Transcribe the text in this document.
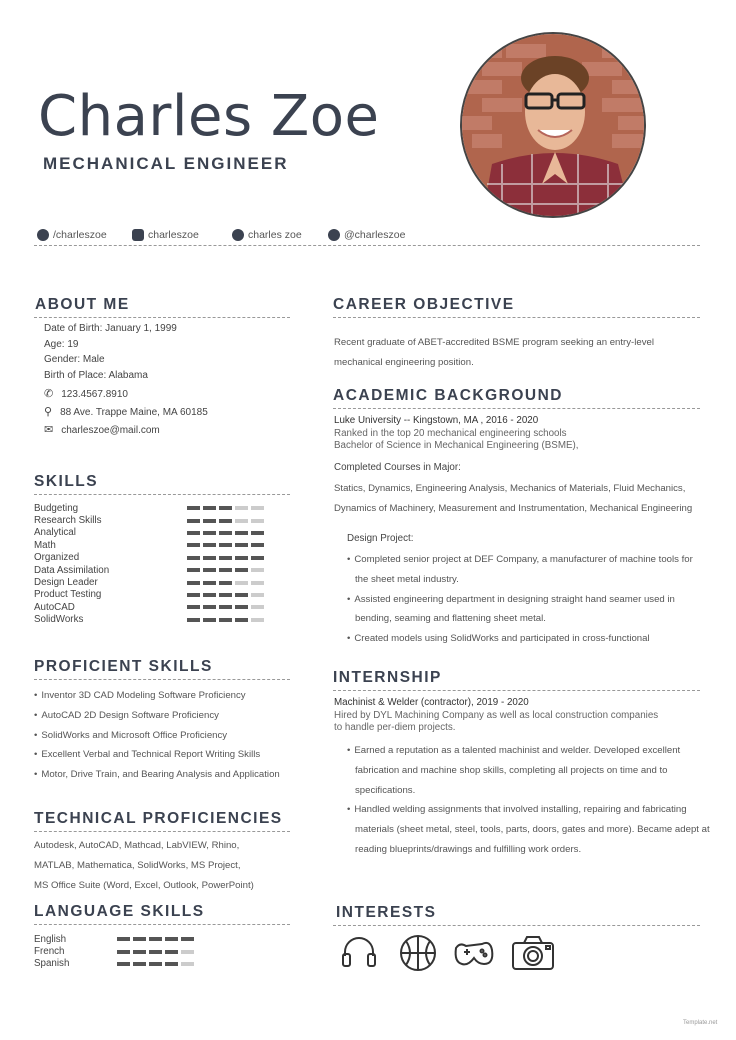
Charles Zoe
MECHANICAL ENGINEER
/charleszoe	charleszoe	charles zoe	@charleszoe
ABOUT ME
Date of Birth: January 1, 1999
Age: 19
Gender: Male
Birth of Place: Alabama
✆ 123.4567.8910
⚲ 88 Ave. Trappe Maine, MA 60185
✉ charleszoe@mail.com
SKILLS
Budgeting
Research Skills
Analytical
Math
Organized
Data Assimilation
Design Leader
Product Testing
AutoCAD
SolidWorks
PROFICIENT SKILLS
• Inventor 3D CAD Modeling Software Proficiency
• AutoCAD 2D Design Software Proficiency
• SolidWorks and Microsoft Office Proficiency
• Excellent Verbal and Technical Report Writing Skills
• Motor, Drive Train, and Bearing Analysis and Application
TECHNICAL PROFICIENCIES
Autodesk, AutoCAD, Mathcad, LabVIEW, Rhino,
MATLAB, Mathematica, SolidWorks, MS Project,
MS Office Suite (Word, Excel, Outlook, PowerPoint)
LANGUAGE SKILLS
English
French
Spanish
CAREER OBJECTIVE
Recent graduate of ABET-accredited BSME program seeking an entry-level
mechanical engineering position.
ACADEMIC BACKGROUND
Luke University -- Kingstown, MA , 2016 - 2020
Ranked in the top 20 mechanical engineering schools
Bachelor of Science in Mechanical Engineering (BSME),
Completed Courses in Major:
Statics, Dynamics, Engineering Analysis, Mechanics of Materials, Fluid Mechanics,
Dynamics of Machinery, Measurement and Instrumentation, Mechanical Engineering
Design Project:
• Completed senior project at DEF Company, a manufacturer of machine tools for
the sheet metal industry.
• Assisted engineering department in designing straight hand seamer used in
bending, seaming and flattening sheet metal.
• Created models using SolidWorks and participated in cross-functional
INTERNSHIP
Machinist & Welder (contractor), 2019 - 2020
Hired by DYL Machining Company as well as local construction companies
to handle per-diem projects.
• Earned a reputation as a talented machinist and welder. Developed excellent
fabrication and machine shop skills, completing all projects on time and to
specifications.
• Handled welding assignments that involved installing, repairing and fabricating
materials (sheet metal, steel, tools, parts, doors, gates and more). Became adept at
reading blueprints/drawings and fulfilling work orders.
INTERESTS
Template.net
